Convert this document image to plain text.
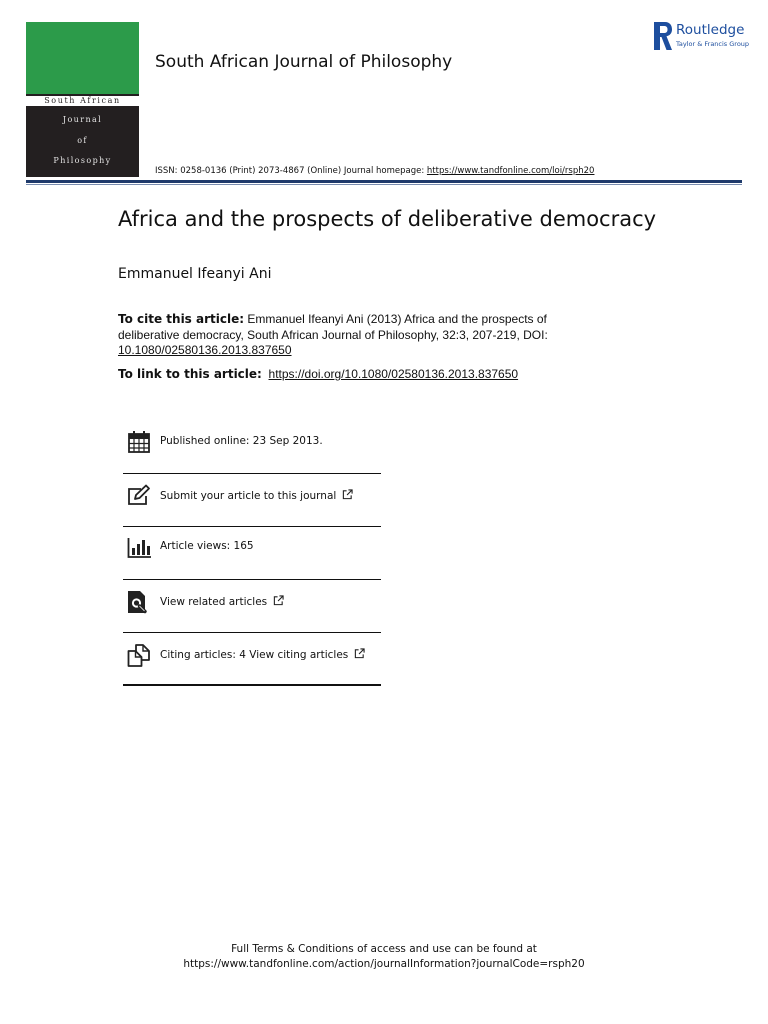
South African
Journal
of
Philosophy
South African Journal of Philosophy
ISSN: 0258-0136 (Print) 2073-4867 (Online) Journal homepage: https://www.tandfonline.com/loi/rsph20
Routledge
Taylor & Francis Group
Africa and the prospects of deliberative democracy
Emmanuel Ifeanyi Ani
To cite this article: Emmanuel Ifeanyi Ani (2013) Africa and the prospects of deliberative democracy, South African Journal of Philosophy, 32:3, 207-219, DOI: 10.1080/02580136.2013.837650
To link to this article: https://doi.org/10.1080/02580136.2013.837650
Published online: 23 Sep 2013.
Submit your article to this journal
Article views: 165
View related articles
Citing articles: 4 View citing articles
Full Terms & Conditions of access and use can be found at
https://www.tandfonline.com/action/journalInformation?journalCode=rsph20
